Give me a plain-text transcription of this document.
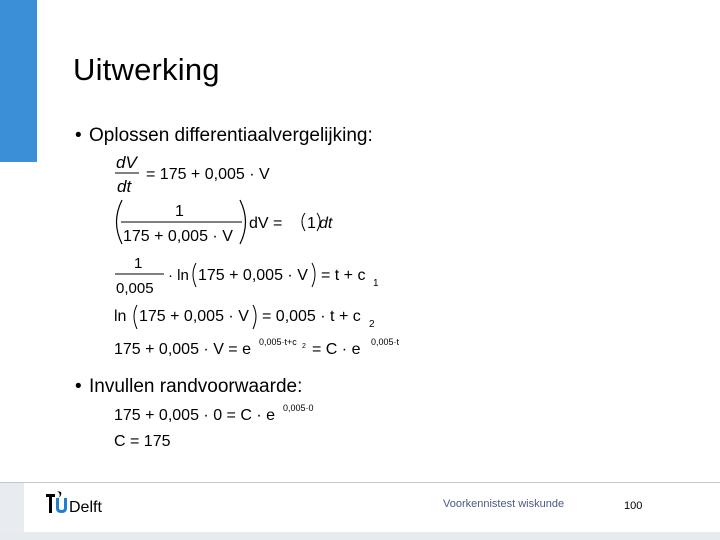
Uitwerking
• Oplossen differentiaalvergelijking:
• Invullen randvoorwaarde:
dV
dt
= 175 + 0,005 · V
1
175 + 0,005 · V
dV = 1 dt
1
0,005
· ln 175 + 0,005 · V = t + c 1
ln 175 + 0,005 · V = 0,005 · t + c 2
175 + 0,005 · V = e 0,005·t+c 2 = C · e 0,005·t
175 + 0,005 · 0 = C · e 0,005·0
C = 175
Delft	Voorkennistest wiskunde	100
